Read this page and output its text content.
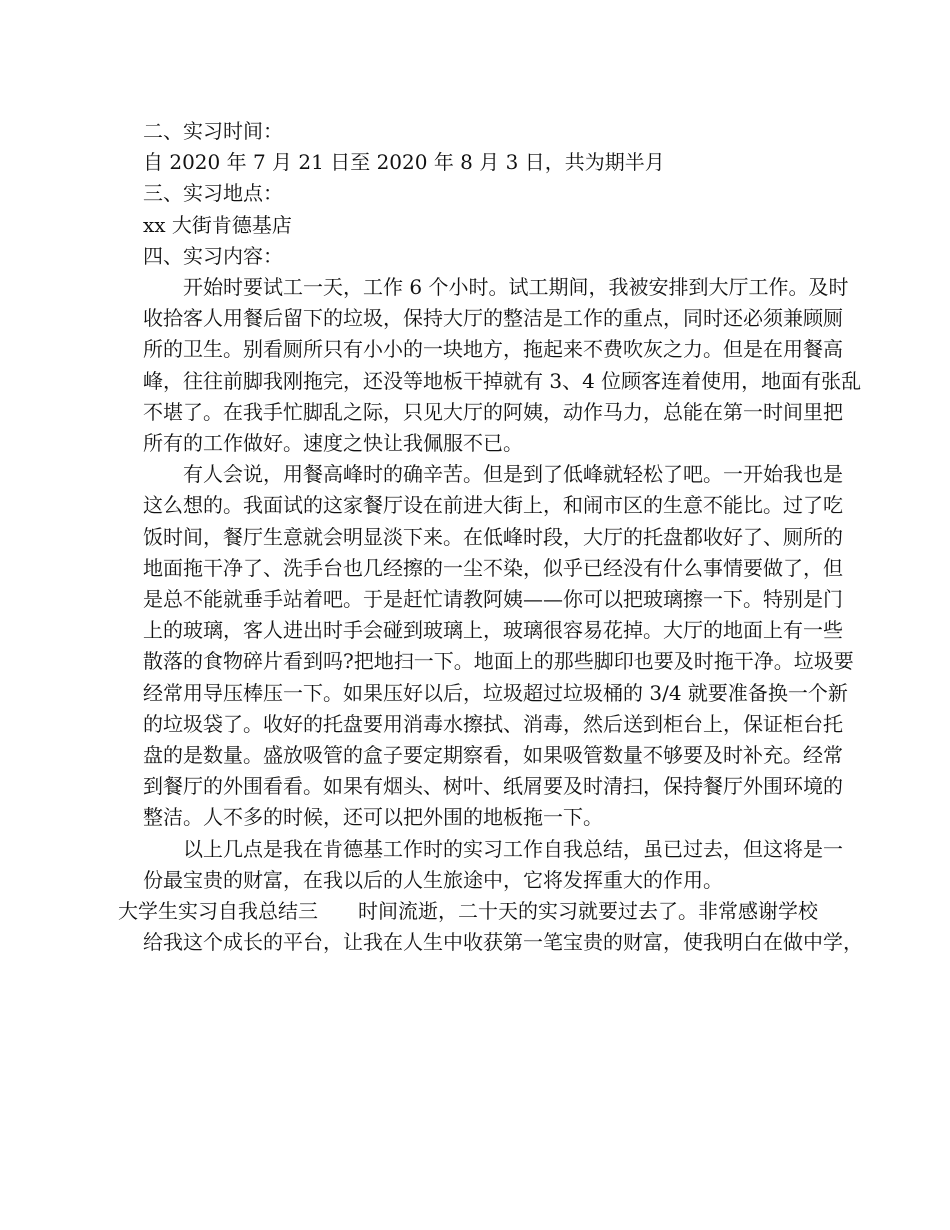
二、实习时间：
自 2020 年 7 月 21 日至 2020 年 8 月 3 日，共为期半月
三、实习地点：
xx 大街肯德基店
四、实习内容：
开始时要试工一天，工作 6 个小时。试工期间，我被安排到大厅工作。及时
收拾客人用餐后留下的垃圾，保持大厅的整洁是工作的重点，同时还必须兼顾厕
所的卫生。别看厕所只有小小的一块地方，拖起来不费吹灰之力。但是在用餐高
峰，往往前脚我刚拖完，还没等地板干掉就有 3、4 位顾客连着使用，地面有张乱
不堪了。在我手忙脚乱之际，只见大厅的阿姨，动作马力，总能在第一时间里把
所有的工作做好。速度之快让我佩服不已。
有人会说，用餐高峰时的确辛苦。但是到了低峰就轻松了吧。一开始我也是
这么想的。我面试的这家餐厅设在前进大街上，和闹市区的生意不能比。过了吃
饭时间，餐厅生意就会明显淡下来。在低峰时段，大厅的托盘都收好了、厕所的
地面拖干净了、洗手台也几经擦的一尘不染，似乎已经没有什么事情要做了，但
是总不能就垂手站着吧。于是赶忙请教阿姨——你可以把玻璃擦一下。特别是门
上的玻璃，客人进出时手会碰到玻璃上，玻璃很容易花掉。大厅的地面上有一些
散落的食物碎片看到吗?把地扫一下。地面上的那些脚印也要及时拖干净。垃圾要
经常用导压棒压一下。如果压好以后，垃圾超过垃圾桶的 3/4 就要准备换一个新
的垃圾袋了。收好的托盘要用消毒水擦拭、消毒，然后送到柜台上，保证柜台托
盘的是数量。盛放吸管的盒子要定期察看，如果吸管数量不够要及时补充。经常
到餐厅的外围看看。如果有烟头、树叶、纸屑要及时清扫，保持餐厅外围环境的
整洁。人不多的时候，还可以把外围的地板拖一下。
以上几点是我在肯德基工作时的实习工作自我总结，虽已过去，但这将是一
份最宝贵的财富，在我以后的人生旅途中，它将发挥重大的作用。
大学生实习自我总结三 时间流逝，二十天的实习就要过去了。非常感谢学校
给我这个成长的平台，让我在人生中收获第一笔宝贵的财富，使我明白在做中学，
